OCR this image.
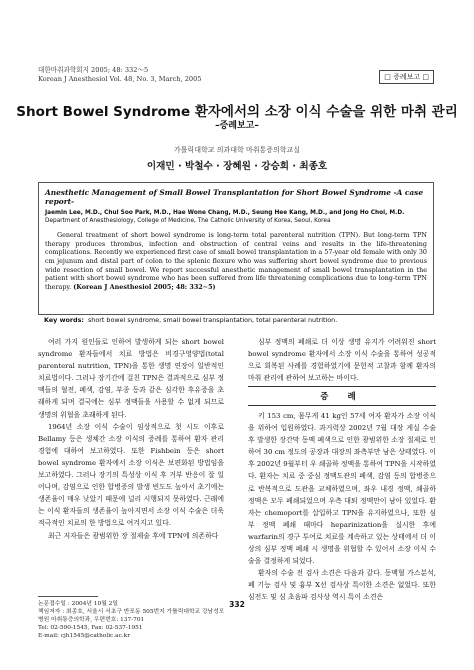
대한마취과학회지 2005; 48: 332～5
Korean J Anesthesiol Vol. 48, No. 3, March, 2005	□ 증례보고 □
Short Bowel Syndrome 환자에서의 소장 이식 수술을 위한 마취 관리
–증례보고–
가톨릭대학교 의과대학 마취통증의학교실
이재민 · 박철수 · 장혜원 · 강승희 · 최종호
Anesthetic Management of Small Bowel Transplantation for Short Bowel Syndrome -A case report-
Jaemin Lee, M.D., Chul Soo Park, M.D., Hae Wone Chang, M.D., Seung Hee Kang, M.D., and Jong Ho Choi, M.D.
Department of Anesthesiology, College of Medicine, The Catholic University of Korea, Seoul, Korea
General treatment of short bowel syndrome is long-term total parenteral nutrition (TPN). But long-term TPN therapy produces thrombus, infection and obstruction of central veins and results in the life-threatening complications. Recently we experienced first case of small bowel transplantation in a 57-year old female with only 30 cm jejunum and distal part of colon to the splenic flexure who was suffering short bowel syndrome due to previous wide resection of small bowel. We report successful anesthetic management of small bowel transplantation in the patient with short bowel syndrome who has been suffered from life threatening complications due to long-term TPN therapy. (Korean J Anesthesiol 2005; 48: 332∼5)
Key words: short bowel syndrome, small bowel transplantation, total parenteral nutrition.

여러 가지 원인들로 인하여 발생하게 되는 short bowel syndrome 환자들에서 치료 방법은 비경구영양법(total parenteral nutrition, TPN)을 통한 생명 연장이 일반적인 치료법이다. 그러나 장기간에 걸친 TPN은 결과적으로 심부 정맥들의 혈전, 폐색, 감염, 부종 등과 같은 심각한 후유증을 초래하게 되며 결국에는 심부 정맥들을 사용할 수 없게 되므로 생명의 위협을 초래하게 된다.

1964년 소장 이식 수술이 임상적으로 첫 시도 이후로 Bellamy 등은 생체간 소장 이식의 증례를 통하여 환자 관리 경험에 대하여 보고하였다. 또한 Fishbein 등은 short bowel syndrome 환자에서 소장 이식은 보편화된 방법임을 보고하였다. 그러나 장기의 특성상 이식 후 거부 반응이 잘 일어나며, 감염으로 인한 합병증의 발생 빈도도 높아서 초기에는 생존율이 매우 낮았기 때문에 널리 시행되지 못하였다. 근래에는 이식 환자들의 생존율이 높아지면서 소장 이식 수술은 더욱 적극적인 치료의 한 방법으로 여겨지고 있다.

최근 저자들은 광범위한 장 절제술 후에 TPN에 의존하다

심부 정맥의 폐쇄로 더 이상 생명 유지가 어려워진 short bowel syndrome 환자에서 소장 이식 수술을 통하여 성공적으로 회복된 사례를 경험하였기에 문헌적 고찰과 함께 환자의 마취 관리에 관하여 보고하는 바이다.

증 례

키 153 cm, 몸무게 41 kg인 57세 여자 환자가 소장 이식을 위하여 입원하였다. 과거력상 2002년 7월 대장 게실 수술 후 발생한 장간막 동맥 폐색으로 인한 광범위한 소장 절제로 인하여 30 cm 정도의 공장과 대장의 좌측부만 남은 상태였다. 이후 2002년 9월부터 우 쇄골하 정맥을 통하여 TPN을 시작하였다. 환자는 치료 중 중심 정맥도관의 폐색, 감염 등의 합병증으로 반복적으로 도관을 교체하였으며, 좌우 내경 정맥, 쇄골하 정맥은 모두 폐쇄되었으며 우측 대퇴 정맥만이 남아 있었다. 환자는 chemoport를 삽입하고 TPN을 유지하였으나, 또한 심부 정맥 폐쇄 때마다 heparinization을 실시한 후에 warfarin의 경구 투여로 치료를 계속하고 있는 상태에서 더 이상의 심부 정맥 폐쇄 시 생명을 위협할 수 있어서 소장 이식 수술을 결정하게 되었다.

환자의 수술 전 검사 소견은 다음과 같다. 동맥혈 가스분석, 폐 기능 검사 및 흉부 X선 검사상 특이한 소견은 없었다. 또한 심전도 및 심 초음파 검사상 역시 특이 소견은

논문접수일 : 2004년 10월 2일
책임저자 : 최종호, 서울시 서초구 반포동 505번지 가톨릭대학교 강남성모병원 마취통증의학과, 우편번호: 137-701
Tel: 02-590-1545, Fax: 02-537-1951
E-mail: cjh1545@catholic.ac.kr
332
